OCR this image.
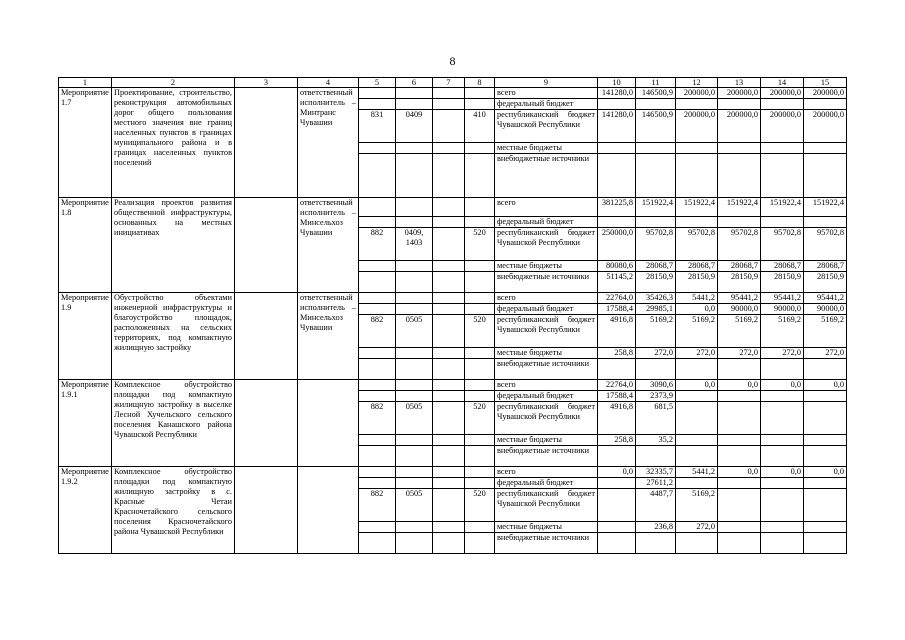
8
1	2	3	4	5	6	7	8	9	10	11	12	13	14	15
Мероприятие 1.7	Проектирование, строительство, реконструкция автомобильных дорог общего пользования местного значения вне границ населенных пунктов в границах муниципального района и в границах населенных пунктов поселений		ответственный исполнитель – Минтранс Чувашии					всего	141280,0	146500,9	200000,0	200000,0	200000,0	200000,0
								федеральный бюджет						
				831	0409		410	республиканский бюджет Чувашской Республики	141280,0	146500,9	200000,0	200000,0	200000,0	200000,0
								местные бюджеты						
								внебюджетные источники						
Мероприятие 1.8	Реализация проектов развития общественной инфраструктуры, основанных на местных инициативах		ответственный исполнитель – Минсельхоз Чувашии					всего	381225,8	151922,4	151922,4	151922,4	151922,4	151922,4
								федеральный бюджет						
				882	0409, 1403		520	республиканский бюджет Чувашской Республики	250000,0	95702,8	95702,8	95702,8	95702,8	95702,8
								местные бюджеты	80080,6	28068,7	28068,7	28068,7	28068,7	28068,7
								внебюджетные источники	51145,2	28150,9	28150,9	28150,9	28150,9	28150,9
Мероприятие 1.9	Обустройство объектами инженерной инфраструктуры и благоустройство площадок, расположенных на сельских территориях, под компактную жилищную застройку		ответственный исполнитель – Минсельхоз Чувашии					всего	22764,0	35426,3	5441,2	95441,2	95441,2	95441,2
								федеральный бюджет	17588,4	29985,1	0,0	90000,0	90000,0	90000,0
				882	0505		520	республиканский бюджет Чувашской Республики	4916,8	5169,2	5169,2	5169,2	5169,2	5169,2
								местные бюджеты	258,8	272,0	272,0	272,0	272,0	272,0
								внебюджетные источники						
Мероприятие 1.9.1	Комплексное обустройство площадки под компактную жилищную застройку в выселке Лесной Хучельского сельского поселения Канашского района Чувашской Республики							всего	22764,0	3090,6	0,0	0,0	0,0	0,0
								федеральный бюджет	17588,4	2373,9				
				882	0505		520	республиканский бюджет Чувашской Республики	4916,8	681,5				
								местные бюджеты	258,8	35,2				
								внебюджетные источники						
Мероприятие 1.9.2	Комплексное обустройство площадки под компактную жилищную застройку в с. Красные Четаи Красночетайского сельского поселения Красночетайского района Чувашской Республики							всего	0,0	32335,7	5441,2	0,0	0,0	0,0
								федеральный бюджет		27611,2				
				882	0505		520	республиканский бюджет Чувашской Республики		4487,7	5169,2			
								местные бюджеты		236,8	272,0			
								внебюджетные источники						
